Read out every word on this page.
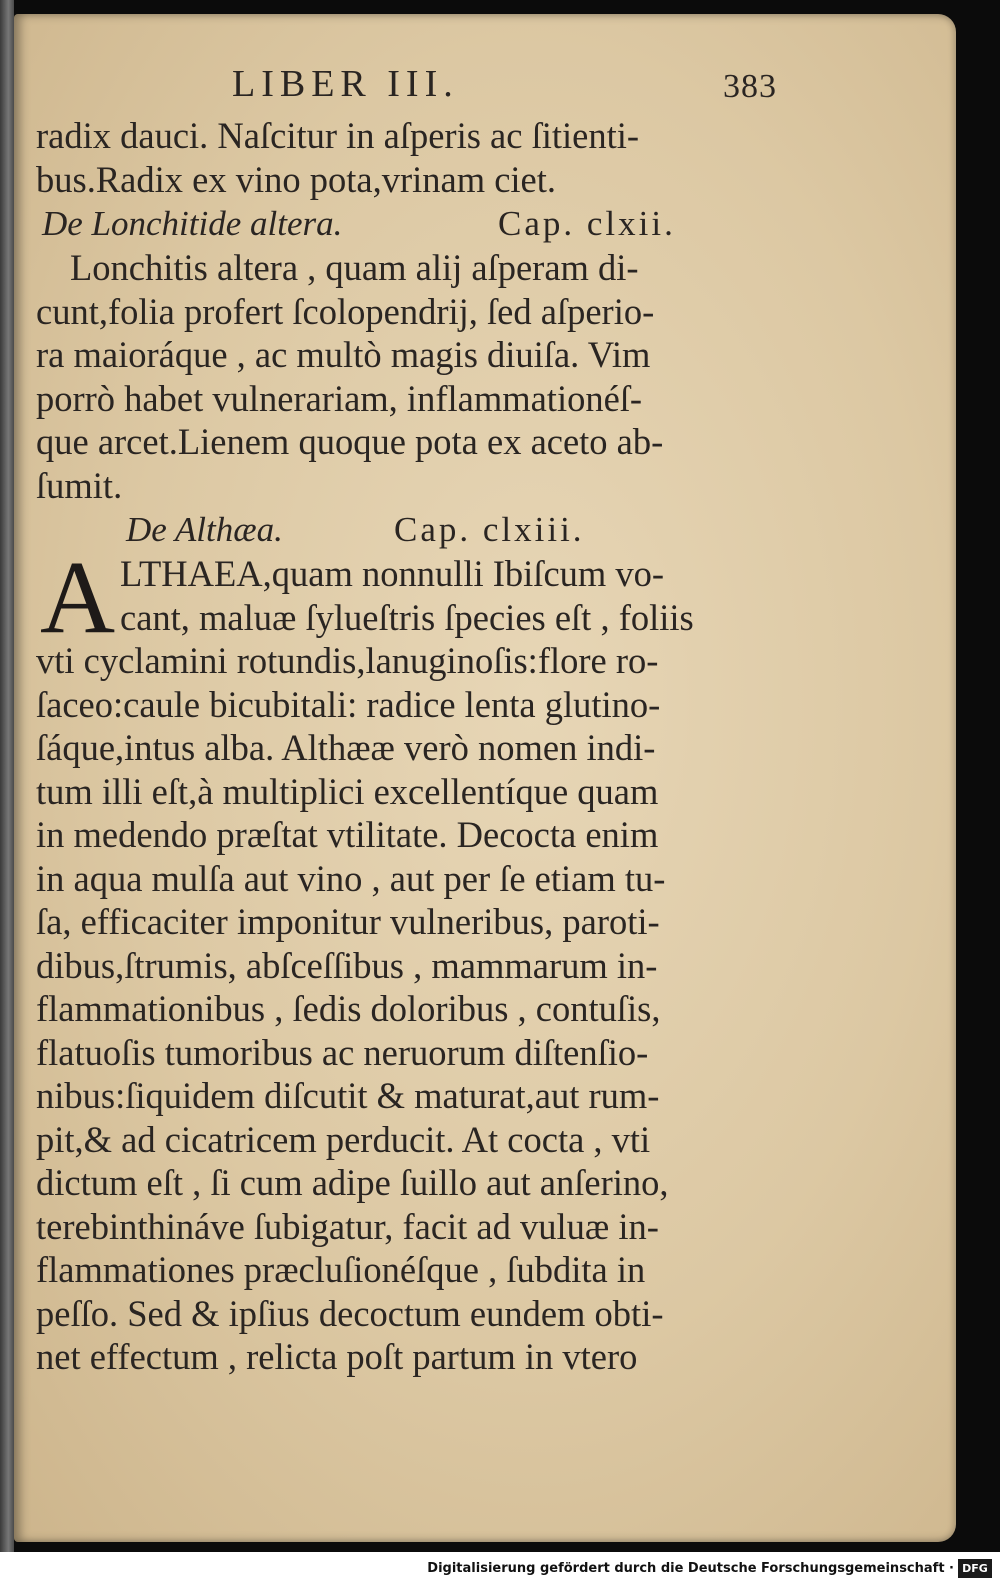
LIBER III.	383
radix dauci. Naſcitur in aſperis ac ſitienti-
bus.Radix ex vino pota,vrinam ciet.
De Lonchitide altera.	Cap. clxii.
Lonchitis altera , quam alij aſperam di-
cunt,folia profert ſcolopendrij, ſed aſperio-
ra maioráque , ac multò magis diuiſa. Vim
porrò habet vulnerariam, inflammationéſ-
que arcet.Lienem quoque pota ex aceto ab-
ſumit.
De Althæa.	Cap. clxiii.
A LTHAEA,quam nonnulli Ibiſcum vo-
cant, maluæ ſylueſtris ſpecies eſt , foliis
vti cyclamini rotundis,lanuginoſis:flore ro-
ſaceo:caule bicubitali: radice lenta glutino-
ſáque,intus alba. Althææ verò nomen indi-
tum illi eſt,à multiplici excellentíque quam
in medendo præſtat vtilitate. Decocta enim
in aqua mulſa aut vino , aut per ſe etiam tu-
ſa, efficaciter imponitur vulneribus, paroti-
dibus,ſtrumis, abſceſſibus , mammarum in-
flammationibus , ſedis doloribus , contuſis,
flatuoſis tumoribus ac neruorum diſtenſio-
nibus:ſiquidem diſcutit & maturat,aut rum-
pit,& ad cicatricem perducit. At cocta , vti
dictum eſt , ſi cum adipe ſuillo aut anſerino,
terebinthináve ſubigatur, facit ad vuluæ in-
flammationes præcluſionéſque , ſubdita in
peſſo. Sed & ipſius decoctum eundem obti-
net effectum , relicta poſt partum in vtero
Digitalisierung gefördert durch die Deutsche Forschungsgemeinschaft · DFG
